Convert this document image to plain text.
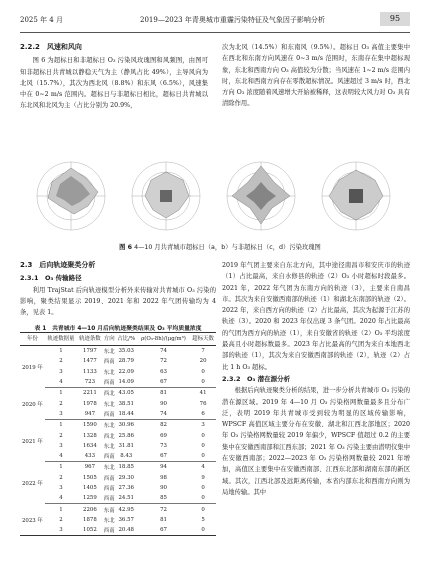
2025 年 4 月	2019—2023 年青奥城市重霾污染特征及气象因子影响分析	95
2.2.2　风速和风向

图 6 为超标日和非超标日 O₃ 污染风玫瑰图和风频图，由图可知非超标日共青城以静稳天气为主（静风占比 49%），主导风向为北风（15.7%），其次为西北风（8.8%）和东风（6.5%），风速集中在 0~2 m/s 范围内。超标日与非超标日相比，超标日共青城以东北风和北风为主（占比分别为 20.9%，

次为北风（14.5%）和东南风（9.5%）。超标日 O₃ 高值主要集中在西北和东南方向风速在 0~3 m/s 范围时，东南存在集中超标现象，东北和西南方向 O₃ 高值较为分散；当风速在 1~2 m/s 范围内时，东北和西南方向存在零散超标情况。风速超过 3 m/s 时，西北方向 O₃ 浓度随着风速增大开始被稀释，这表明较大风力对 O₃ 具有清除作用。

图 6 4—10 月共青城市超标日（a，b）与非超标日（c，d）污染玫瑰图
2.3　后向轨迹聚类分析
2.3.1　O₃ 传输路径

利用 TrajStat 后向轨迹模型分析外来传输对共青城市 O₃ 污染的影响，聚类结果显示 2019、2021 年和 2022 年气团传输均为 4 条，见表 1。

表 1　共青城市 4—10 月后向轨迹聚类结果及 O₃ 平均质量浓度
年份	轨迹数据量	轨迹条数	方向	占比/%	ρ(O₃-8h)/(μg/m³)	超标天数
2019 年	1	1797	东北	35.03	74	7
	2	1477	西南	28.79	72	20
	3	1133	东北	22.09	63	0
	4	723	西南	14.09	67	0
2020 年	1	2211	西北	43.05	81	41
	2	1978	东北	38.51	90	76
	3	947	西南	18.44	74	6
2021 年	1	1590	东北	30.96	82	3
	2	1328	西北	25.86	69	0
	3	1634	东北	31.81	73	0
	4	433	西南	8.43	67	0
2022 年	1	967	东北	18.85	94	4
	2	1505	西南	29.30	98	9
	3	1405	西南	27.36	90	0
	4	1259	西南	24.51	85	0
2023 年	1	2206	东南	42.95	72	0
	2	1878	东北	36.57	81	5
	3	1052	西南	20.48	67	0

2019 年气团主要来自东北方向，其中途径南昌市和安庆市的轨迹（1）占比最高，来自水修县的轨迹（2）O₃ 小时超标时段最多。2021 年，2022 年气团为东南方向的轨迹（3），主要来自南昌市。其次为来自安徽西南部的轨迹（1）和湖北东南部的轨迹（2）。2022 年，来自西方向的轨迹（2）占比最高，其次为起源于江苏的轨迹（3）。2020 和 2023 年仅出现 3 条气团。2020 年占比最高的气团为西方向的轨迹（1），来自安徽省的轨迹（2）O₃ 平均浓度最高且小时超标数最多。2023 年占比最高的气团为来自本地西北部的轨迹（1），其次为来自安徽西南部的轨迹（2），轨迹（2）占比 1 h O₃ 超标。

2.3.2　O₃ 潜在源分析

根据后向轨迹聚类分析的结果，进一步分析共青城市 O₃ 污染的潜在源区域。2019 年 4—10 月 O₃ 污染格网数量最多且分布广泛，表明 2019 年共青城市受到较为明显的区域传输影响，WPSCF 高值区域主要分布在安徽、湖北和江西北部地区；2020 年 O₃ 污染格网数量较 2019 年偏少，WPSCF 值超过 0.2 的主要集中在安徽西南部和江西东部；2021 年 O₃ 污染主要由潜明仪集中在安徽西南部；2022—2023 年 O₃ 污染格网数量较 2021 年增加，高值区主要集中在安徽西南部、江西东北部和湖南东部的新区域。其次，江西北部及远距离传输，本省内部东北和西南方向则为局地传输。其中
